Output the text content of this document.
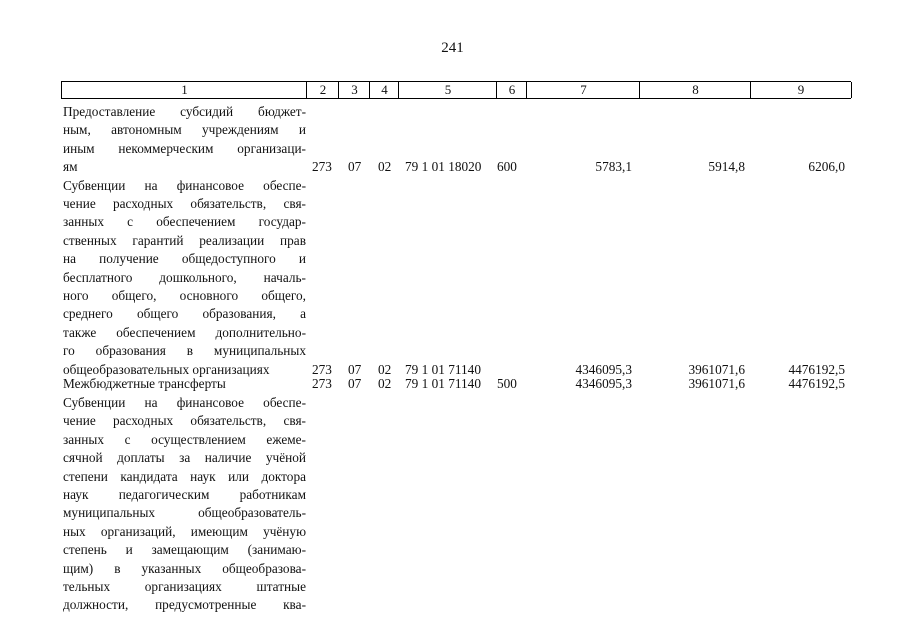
241
1	2	3	4	5	6	7	8	9
Предоставление субсидий бюджет-
ным, автономным учреждениям и
иным некоммерческим организаци-
ям	273 07 02 79 1 01 18020 600	5783,1	5914,8	6206,0
Субвенции на финансовое обеспе-
чение расходных обязательств, свя-
занных с обеспечением государ-
ственных гарантий реализации прав
на получение общедоступного и
бесплатного дошкольного, началь-
ного общего, основного общего,
среднего общего образования, а
также обеспечением дополнительно-
го образования в муниципальных
общеобразовательных организациях	273 07 02 79 1 01 71140	4346095,3	3961071,6	4476192,5
Межбюджетные трансферты	273 07 02 79 1 01 71140 500	4346095,3	3961071,6	4476192,5
Субвенции на финансовое обеспе-
чение расходных обязательств, свя-
занных с осуществлением ежеме-
сячной доплаты за наличие учёной
степени кандидата наук или доктора
наук педагогическим работникам
муниципальных общеобразователь-
ных организаций, имеющим учёную
степень и замещающим (занимаю-
щим) в указанных общеобразова-
тельных организациях штатные
должности, предусмотренные ква-
